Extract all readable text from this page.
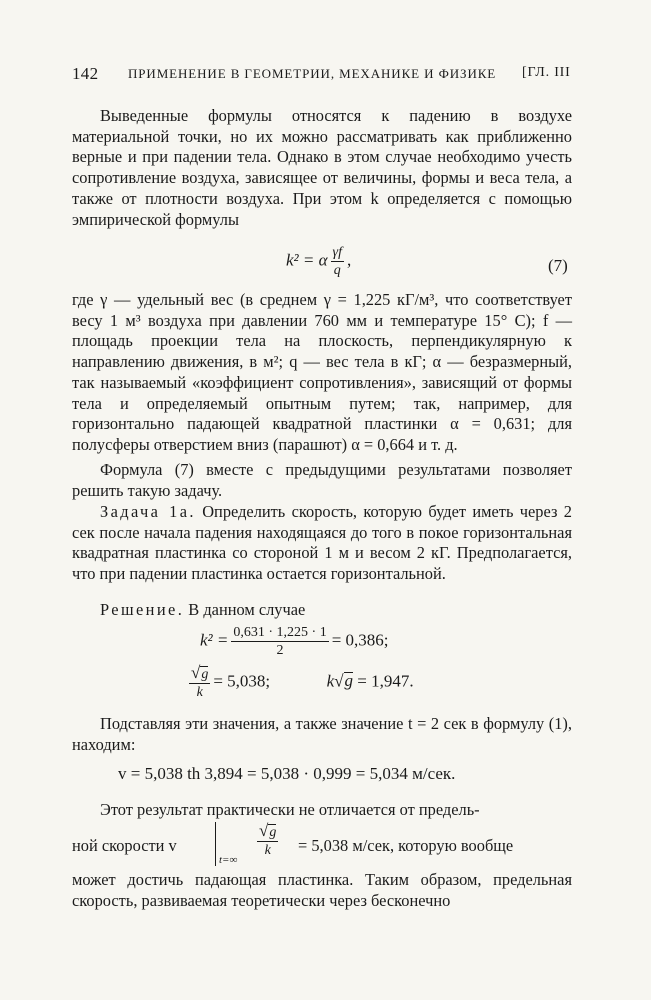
142 ПРИМЕНЕНИЕ В ГЕОМЕТРИИ, МЕХАНИКЕ И ФИЗИКЕ [ГЛ. III
Выведенные формулы относятся к падению в воздухе материальной точки, но их можно рассматривать как приближенно верные и при падении тела. Однако в этом случае необходимо учесть сопротивление воздуха, зависящее от величины, формы и веса тела, а также от плотности воздуха. При этом k определяется с помощью эмпирической формулы
k² = α $\frac{\gamma f}{q}$ ,	(7)
где γ — удельный вес (в среднем γ = 1,225 кГ/м³, что соответствует весу 1 м³ воздуха при давлении 760 мм и температуре 15° С); f — площадь проекции тела на плоскость, перпендикулярную к направлению движения, в м²; q — вес тела в кГ; α — безразмерный, так называемый «коэффициент сопротивления», зависящий от формы тела и определяемый опытным путем; так, например, для горизонтально падающей квадратной пластинки α = 0,631; для полусферы отверстием вниз (парашют) α = 0,664 и т. д.
Формула (7) вместе с предыдущими результатами позволяет решить такую задачу.
Задача 1а. Определить скорость, которую будет иметь через 2 сек после начала падения находящаяся до того в покое горизонтальная квадратная пластинка со стороной 1 м и весом 2 кГ. Предполагается, что при падении пластинка остается горизонтальной.
Решение. В данном случае
$k^2 = \frac{0,631 \cdot 1,225 \cdot 1}{2} = 0,386$;
$\frac{√g}{k} = 5,038$;	k√g = 1,947.
Подставляя эти значения, а также значение t = 2 сек в формулу (1), находим:
v = 5,038 th 3,894 = 5,038 · 0,999 = 5,034 м/сек.
Этот результат практически не отличается от предель-
ной скорости v
t=∞
$\frac{√g}{k} = 5,038$ м/сек, которую вообще
может достичь падающая пластинка. Таким образом, предельная скорость, развиваемая теоретически через бесконечно
